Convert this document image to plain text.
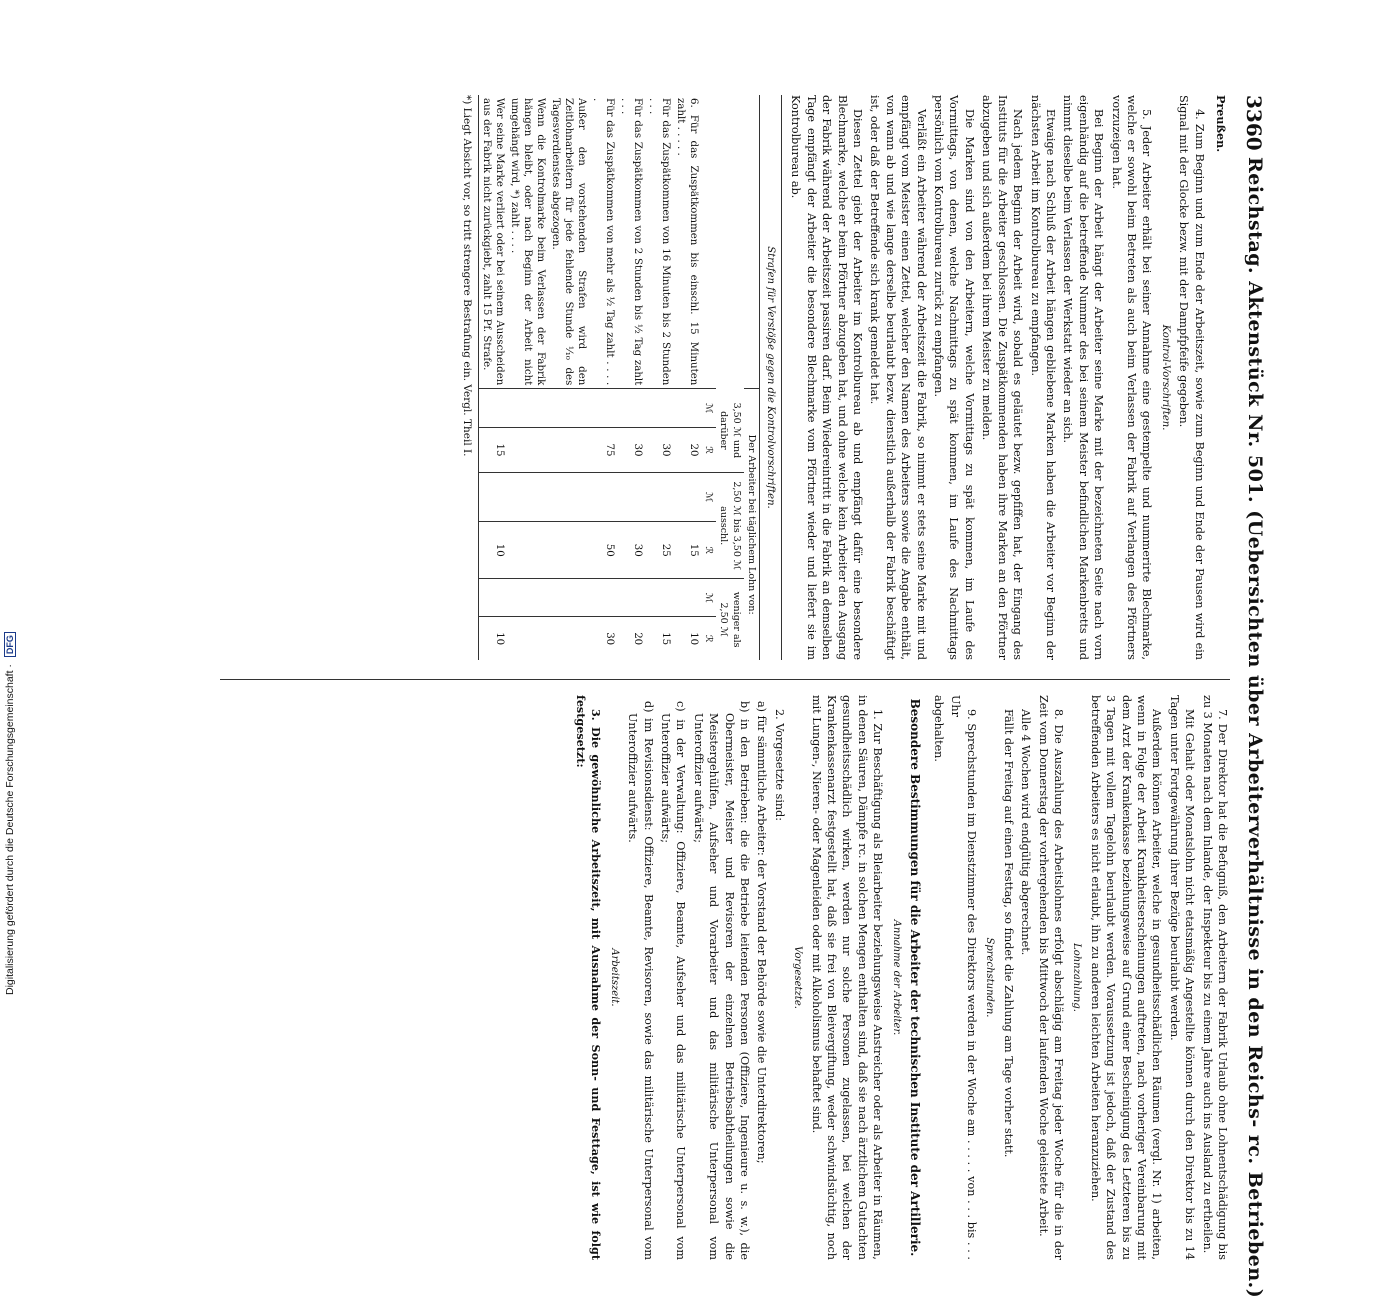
3360
Reichstag. Aktenstück Nr. 501. (Uebersichten über Arbeiterverhältnisse in den Reichs- rc. Betrieben.)

Preußen.

4. Zum Beginn und zum Ende der Arbeitszeit, sowie zum Beginn und Ende der Pausen wird ein Signal mit der Glocke bezw. mit der Dampfpfeife gegeben.

Kontrol-Vorschriften.

5. Jeder Arbeiter erhält bei seiner Annahme eine gestempelte und nummerirte Blechmarke, welche er sowohl beim Betreten als auch beim Verlassen der Fabrik auf Verlangen des Pförtners vorzuzeigen hat.

Bei Beginn der Arbeit hängt der Arbeiter seine Marke mit der bezeichneten Seite nach vorn eigenhändig auf die betreffende Nummer des bei seinem Meister befindlichen Markenbretts und nimmt dieselbe beim Verlassen der Werkstatt wieder an sich.

Etwaige nach Schluß der Arbeit hängen gebliebene Marken haben die Arbeiter vor Beginn der nächsten Arbeit im Kontrolbureau zu empfangen.

Nach jedem Beginn der Arbeit wird, sobald es geläutet bezw. gepfiffen hat, der Eingang des Instituts für die Arbeiter geschlossen. Die Zuspätkommenden haben ihre Marken an den Pförtner abzugeben und sich außerdem bei ihrem Meister zu melden.

Die Marken sind von den Arbeitern, welche Vormittags zu spät kommen, im Laufe des Vormittags, von denen, welche Nachmittags zu spät kommen, im Laufe des Nachmittags persönlich vom Kontrolbureau zurück zu empfangen.

Verläßt ein Arbeiter während der Arbeitszeit die Fabrik, so nimmt er stets seine Marke mit und empfängt vom Meister einen Zettel, welcher den Namen des Arbeiters sowie die Angabe enthält, von wann ab und wie lange derselbe beurlaubt bezw. dienstlich außerhalb der Fabrik beschäftigt ist, oder daß der Betreffende sich krank gemeldet hat.

Diesen Zettel giebt der Arbeiter im Kontrolbureau ab und empfängt dafür eine besondere Blechmarke, welche er beim Pförtner abzugeben hat, und ohne welche kein Arbeiter den Ausgang der Fabrik während der Arbeitszeit passiren darf. Beim Wiedereintritt in die Fabrik an demselben Tage empfängt der Arbeiter die besondere Blechmarke vom Pförtner wieder und liefert sie im Kontrolbureau ab.

Strafen für Verstöße gegen die Kontrolvorschriften.
	Der Arbeiter bei täglichem Lohn von:					
	3,50 ℳ und darüber		2,50 ℳ bis 3,50 ℳ ausschl.		weniger als 2,50 ℳ	
	ℳ	ℛ	ℳ	ℛ	ℳ	ℛ
6. Für das Zuspätkommen bis einschl. 15 Minuten zahlt . . . . .		20		15		10
Für das Zuspätkommen von 16 Minuten bis 2 Stunden . . .		30		25		15
Für das Zuspätkommen von 2 Stunden bis ½ Tag zahlt . . .		30		30		20
Für das Zuspätkommen von mehr als ½ Tag zahlt . . . . .		75		50		30
Außer den vorstehenden Strafen wird den Zeitlohnarbeitern für jede fehlende Stunde ¹⁄₁₀ des Tagesverdienstes abgezogen.						
Wenn die Kontrolmarke beim Verlassen der Fabrik hängen bleibt, oder nach Beginn der Arbeit nicht umgehängt wird, *) zahlt . . . .						
Wer seine Marke verliert oder bei seinem Ausscheiden aus der Fabrik nicht zurückgiebt, zahlt 15 Pf. Strafe.		15		10		10
*) Liegt Absicht vor, so tritt strengere Bestrafung ein. Vergl. Theil I.

7. Der Direktor hat die Befugniß, den Arbeitern der Fabrik Urlaub ohne Lohnentschädigung bis zu 3 Monaten nach dem Inlande, der Inspekteur bis zu einem Jahre auch ins Ausland zu ertheilen.

Mit Gehalt oder Monatslohn nicht etatsmäßig Angestellte können durch den Direktor bis zu 14 Tagen unter Fortgewährung ihrer Bezüge beurlaubt werden.

Außerdem können Arbeiter, welche in gesundheitsschädlichen Räumen (vergl. Nr. 1) arbeiten, wenn in Folge der Arbeit Krankheitserscheinungen auftreten, nach vorheriger Vereinbarung mit dem Arzt der Krankenkasse beziehungsweise auf Grund einer Bescheinigung des Letzteren bis zu 3 Tagen mit vollem Tagelohn beurlaubt werden. Voraussetzung ist jedoch, daß der Zustand des betreffenden Arbeiters es nicht erlaubt, ihn zu anderen leichten Arbeiten heranzuziehen.

Lohnzahlung.

8. Die Auszahlung des Arbeitslohnes erfolgt abschlägig am Freitag jeder Woche für die in der Zeit vom Donnerstag der vorhergehenden bis Mittwoch der laufenden Woche geleistete Arbeit.

Alle 4 Wochen wird endgültig abgerechnet.

Fällt der Freitag auf einen Festtag, so findet die Zahlung am Tage vorher statt.

Sprechstunden.

9. Sprechstunden im Dienstzimmer des Direktors werden in der Woche am . . . . . von . . . bis . . . Uhr

abgehalten.

Besondere Bestimmungen für die Arbeiter der technischen Institute der Artillerie.

Annahme der Arbeiter.

1. Zur Beschäftigung als Bleiarbeiter beziehungsweise Anstreicher oder als Arbeiter in Räumen, in denen Säuren, Dämpfe rc. in solchen Mengen enthalten sind, daß sie nach ärztlichem Gutachten gesundheitsschädlich wirken, werden nur solche Personen zugelassen, bei welchen der Krankenkassenarzt festgestellt hat, daß sie frei von Bleivergiftung, weder schwindsüchtig, noch mit Lungen-, Nieren- oder Magenleiden oder mit Alkoholismus behaftet sind.

Vorgesetzte.

2. Vorgesetzte sind:

a) für sämmtliche Arbeiter: der Vorstand der Behörde sowie die Unterdirektoren;

b) in den Betrieben: die die Betriebe leitenden Personen (Offiziere, Ingenieure u. s. w.), die Obermeister, Meister und Revisoren der einzelnen Betriebsabtheilungen sowie die Meistergehülfen, Aufseher und Vorarbeiter und das militärische Unterpersonal vom Unteroffizier aufwärts;

c) in der Verwaltung: Offiziere, Beamte, Aufseher und das militärische Unterpersonal vom Unteroffizier aufwärts;

d) im Revisionsdienst: Offiziere, Beamte, Revisoren, sowie das militärische Unterpersonal vom Unteroffizier aufwärts.

Arbeitszeit.

3. Die gewöhnliche Arbeitszeit, mit Ausnahme der Sonn- und Festtage, ist wie folgt festgesetzt:

Digitalisierung gefördert durch die Deutsche Forschungsgemeinschaft · DFG
